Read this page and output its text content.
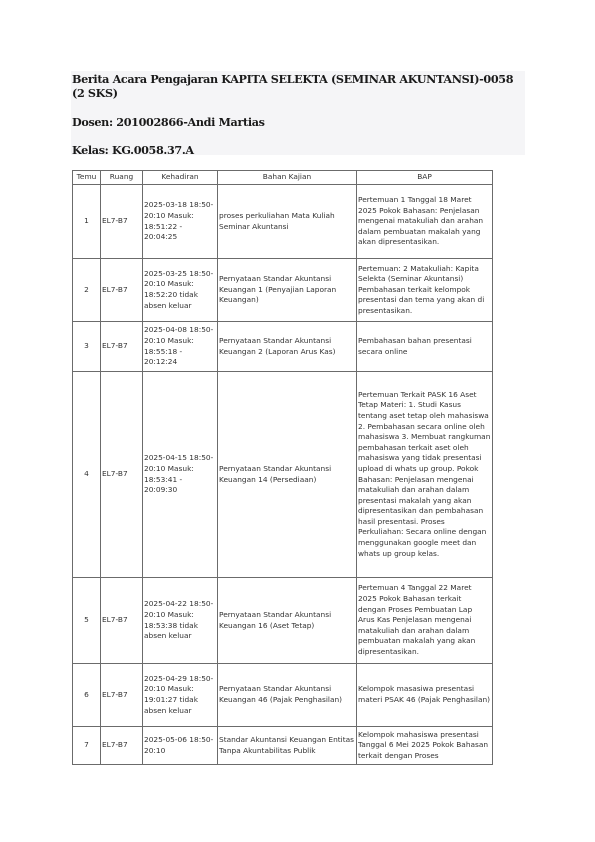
Berita Acara Pengajaran KAPITA SELEKTA (SEMINAR AKUNTANSI)-0058 (2 SKS)
Dosen: 201002866-Andi Martias
Kelas: KG.0058.37.A
Temu	Ruang	Kehadiran	Bahan Kajian	BAP
1	EL7-B7	2025-03-18 18:50-20:10 Masuk: 18:51:22 - 20:04:25	proses perkuliahan Mata Kuliah Seminar Akuntansi	Pertemuan 1 Tanggal 18 Maret 2025 Pokok Bahasan: Penjelasan mengenai matakuliah dan arahan dalam pembuatan makalah yang akan dipresentasikan.
2	EL7-B7	2025-03-25 18:50-20:10 Masuk: 18:52:20 tidak absen keluar	Pernyataan Standar Akuntansi Keuangan 1 (Penyajian Laporan Keuangan)	Pertemuan: 2 Matakuliah: Kapita Selekta (Seminar Akuntansi) Pembahasan terkait kelompok presentasi dan tema yang akan di presentasikan.
3	EL7-B7	2025-04-08 18:50-20:10 Masuk: 18:55:18 - 20:12:24	Pernyataan Standar Akuntansi Keuangan 2 (Laporan Arus Kas)	Pembahasan bahan presentasi secara online
4	EL7-B7	2025-04-15 18:50-20:10 Masuk: 18:53:41 - 20:09:30	Pernyataan Standar Akuntansi Keuangan 14 (Persediaan)	Pertemuan Terkait PASK 16 Aset Tetap Materi: 1. Studi Kasus tentang aset tetap oleh mahasiswa 2. Pembahasan secara online oleh mahasiswa 3. Membuat rangkuman pembahasan terkait aset oleh mahasiswa yang tidak presentasi upload di whats up group. Pokok Bahasan: Penjelasan mengenai matakuliah dan arahan dalam presentasi makalah yang akan dipresentasikan dan pembahasan hasil presentasi. Proses Perkuliahan: Secara online dengan menggunakan google meet dan whats up group kelas.
5	EL7-B7	2025-04-22 18:50-20:10 Masuk: 18:53:38 tidak absen keluar	Pernyataan Standar Akuntansi Keuangan 16 (Aset Tetap)	Pertemuan 4 Tanggal 22 Maret 2025 Pokok Bahasan terkait dengan Proses Pembuatan Lap Arus Kas Penjelasan mengenai matakuliah dan arahan dalam pembuatan makalah yang akan dipresentasikan.
6	EL7-B7	2025-04-29 18:50-20:10 Masuk: 19:01:27 tidak absen keluar	Pernyataan Standar Akuntansi Keuangan 46 (Pajak Penghasilan)	Kelompok masasiwa presentasi materi PSAK 46 (Pajak Penghasilan)
7	EL7-B7	2025-05-06 18:50-20:10	Standar Akuntansi Keuangan Entitas Tanpa Akuntabilitas Publik	Kelompok mahasiswa presentasi Tanggal 6 Mei 2025 Pokok Bahasan terkait dengan Proses
